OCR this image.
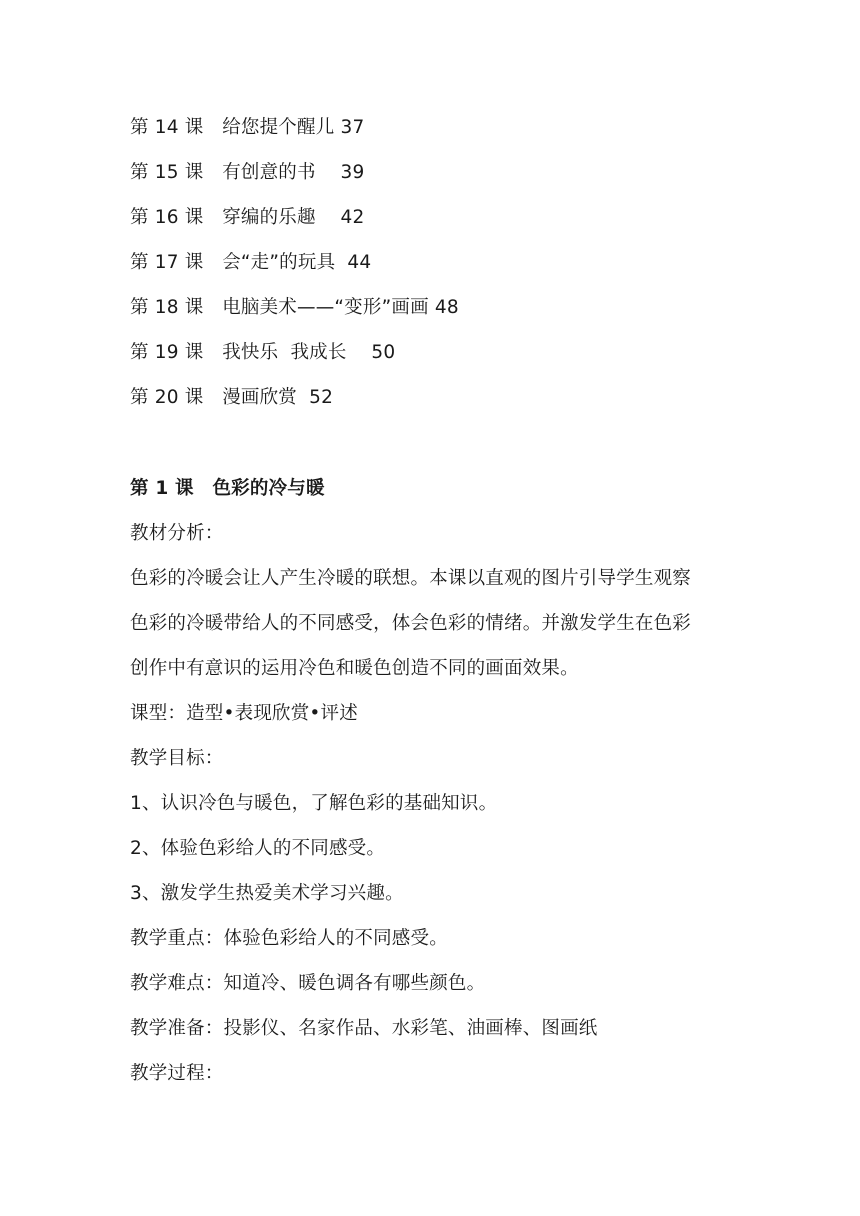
第 14 课　给您提个醒儿 37
第 15 课　有创意的书　 39
第 16 课　穿编的乐趣　 42
第 17 课　会“走”的玩具  44
第 18 课　电脑美术——“变形”画画 48
第 19 课　我快乐  我成长　 50
第 20 课　漫画欣赏  52
第 1 课　色彩的冷与暖
教材分析：
色彩的冷暖会让人产生冷暖的联想。本课以直观的图片引导学生观察
色彩的冷暖带给人的不同感受，体会色彩的情绪。并激发学生在色彩
创作中有意识的运用冷色和暖色创造不同的画面效果。
课型：造型•表现欣赏•评述
教学目标：
1、认识冷色与暖色，了解色彩的基础知识。
2、体验色彩给人的不同感受。
3、激发学生热爱美术学习兴趣。
教学重点：体验色彩给人的不同感受。
教学难点：知道冷、暖色调各有哪些颜色。
教学准备：投影仪、名家作品、水彩笔、油画棒、图画纸
教学过程：
